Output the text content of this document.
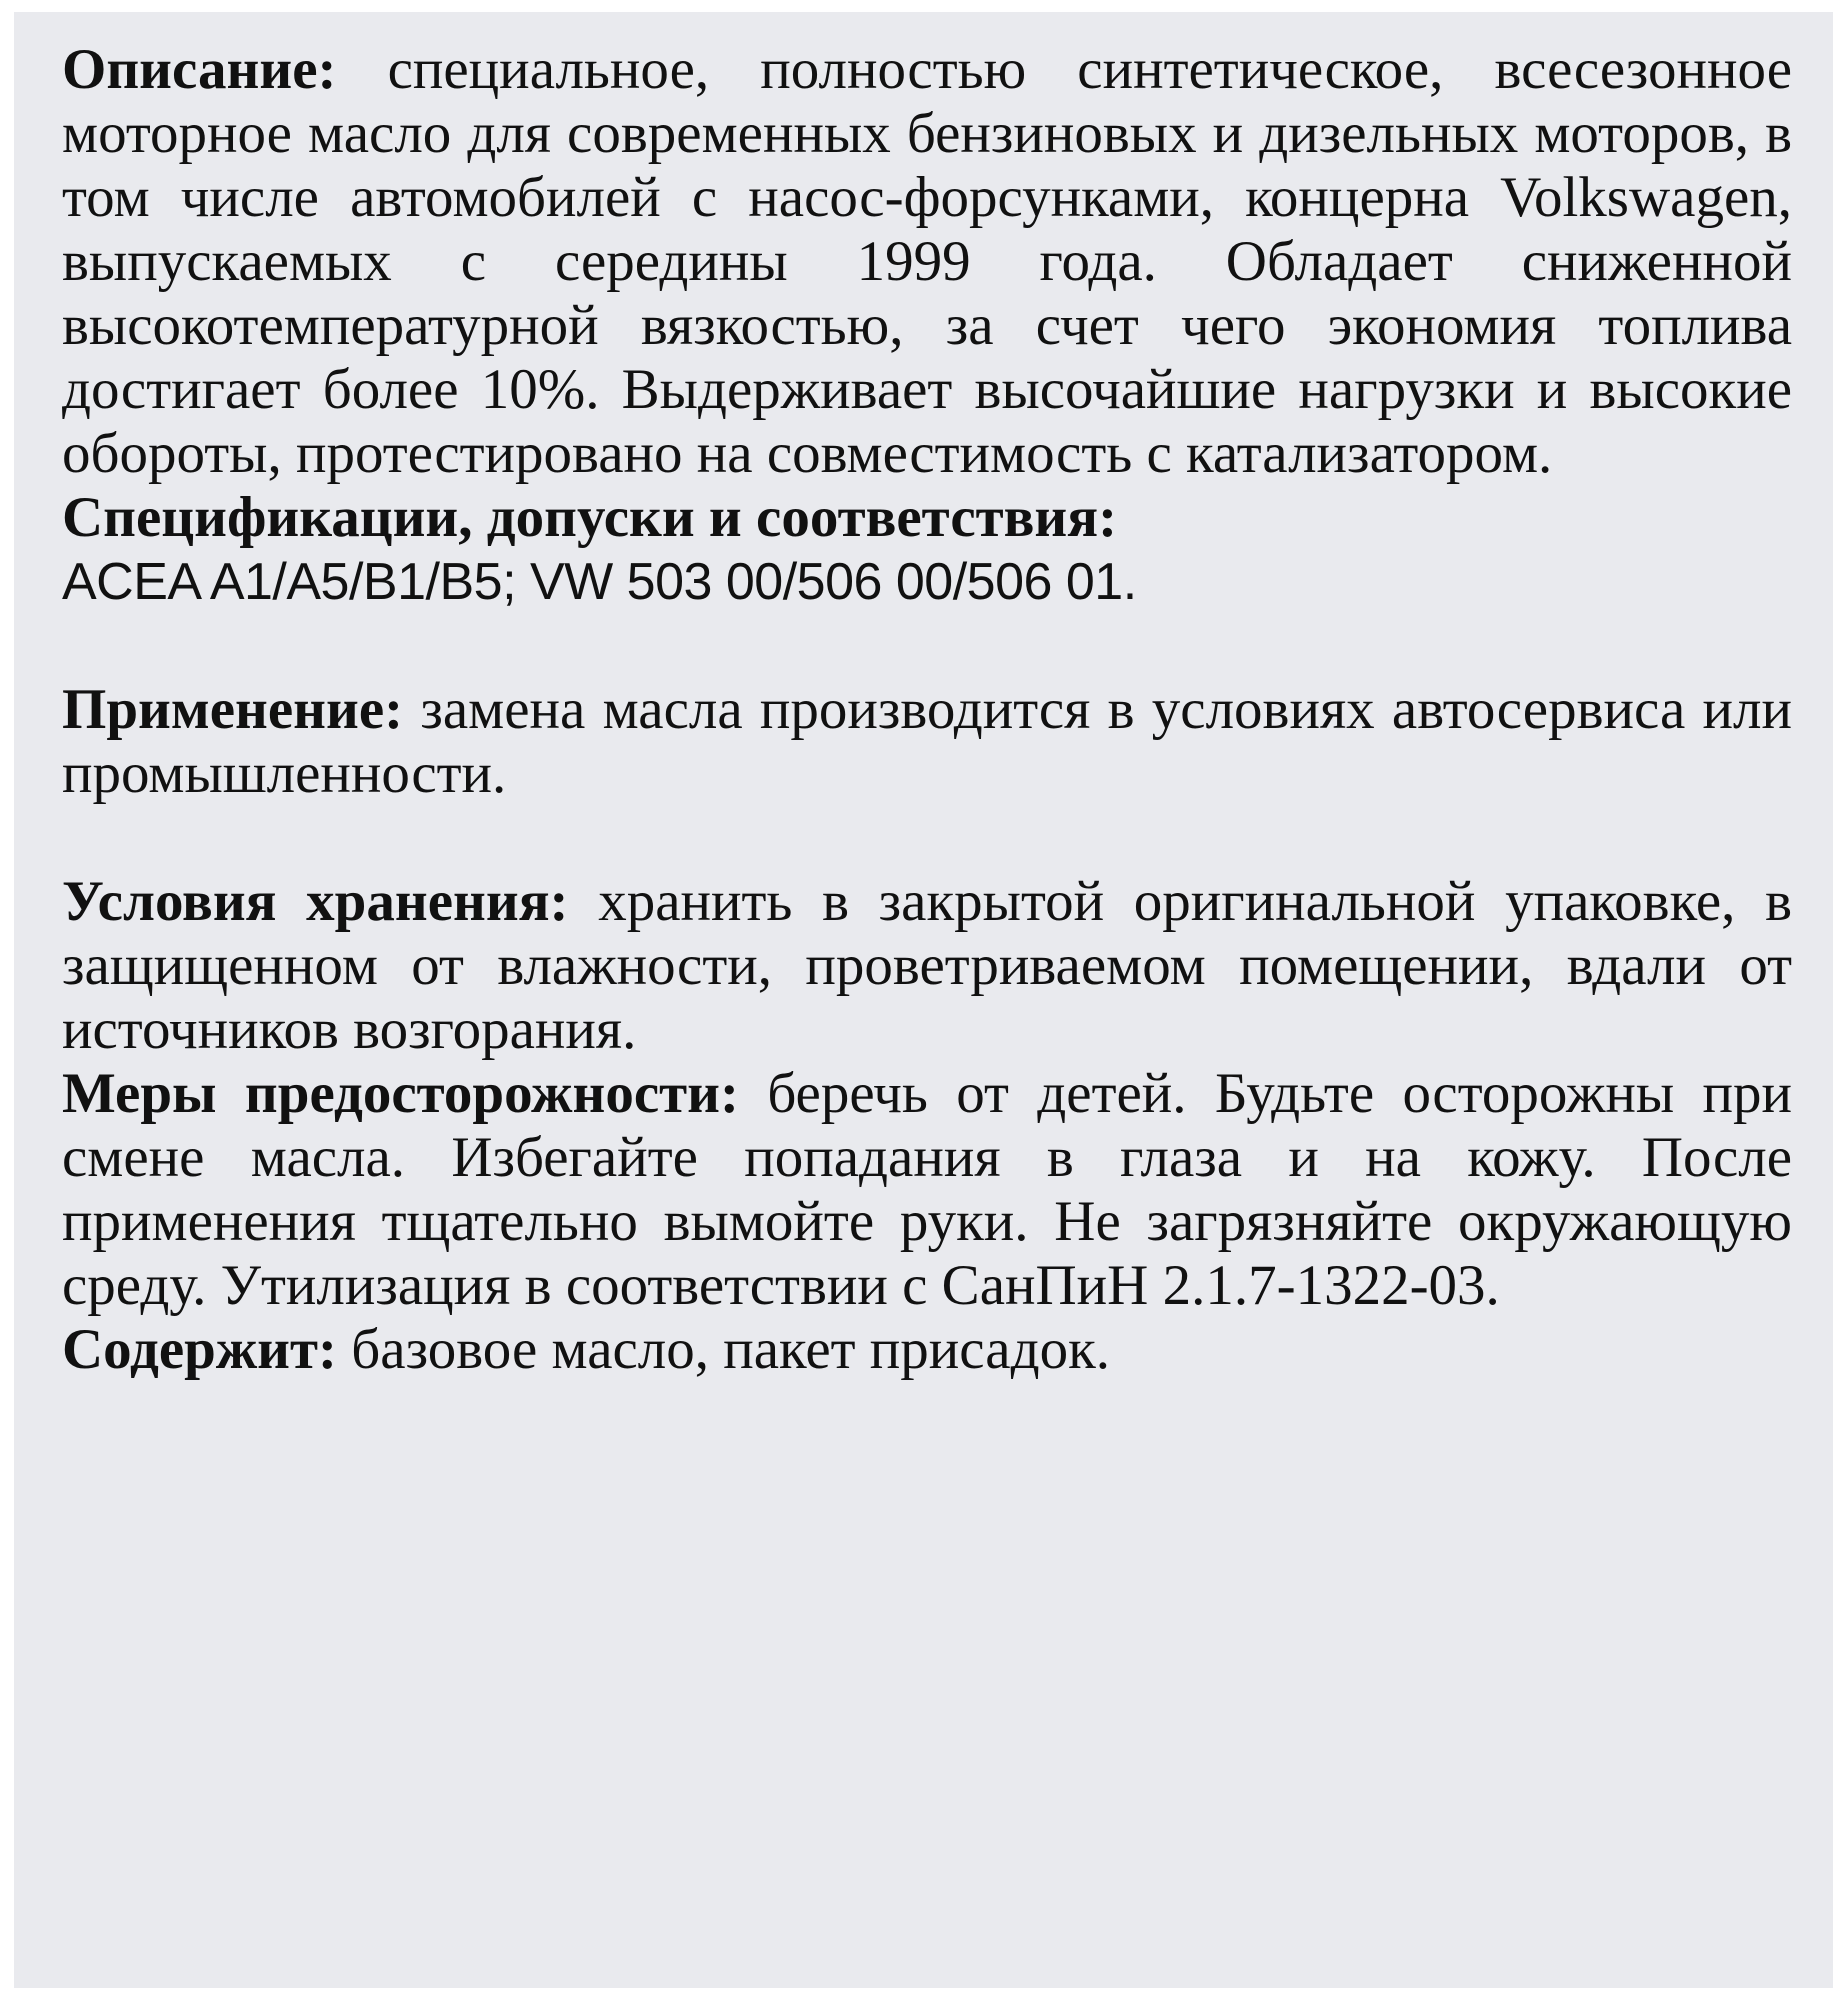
Описание: специальное, полностью синтетическое, всесезонное моторное масло для современных бензиновых и дизельных моторов, в том числе автомобилей с насос-форсунками, концерна Volkswagen, выпускаемых с середины 1999 года. Обладает сниженной высокотемпературной вязкостью, за счет чего экономия топлива достигает более 10%. Выдерживает высочайшие нагрузки и высокие обороты, протестировано на совместимость с катализатором.

Спецификации, допуски и соответствия:

ACEA A1/A5/B1/B5; VW 503 00/506 00/506 01.

Применение: замена масла производится в условиях автосервиса или промышленности.

Условия хранения: хранить в закрытой оригинальной упаковке, в защищенном от влажности, проветриваемом помещении, вдали от источников возгорания.

Меры предосторожности: беречь от детей. Будьте осторожны при смене масла. Избегайте попадания в глаза и на кожу. После применения тщательно вымойте руки. Не загрязняйте окружающую среду. Утилизация в соответствии с СанПиН 2.1.7-1322-03.

Содержит: базовое масло, пакет присадок.
